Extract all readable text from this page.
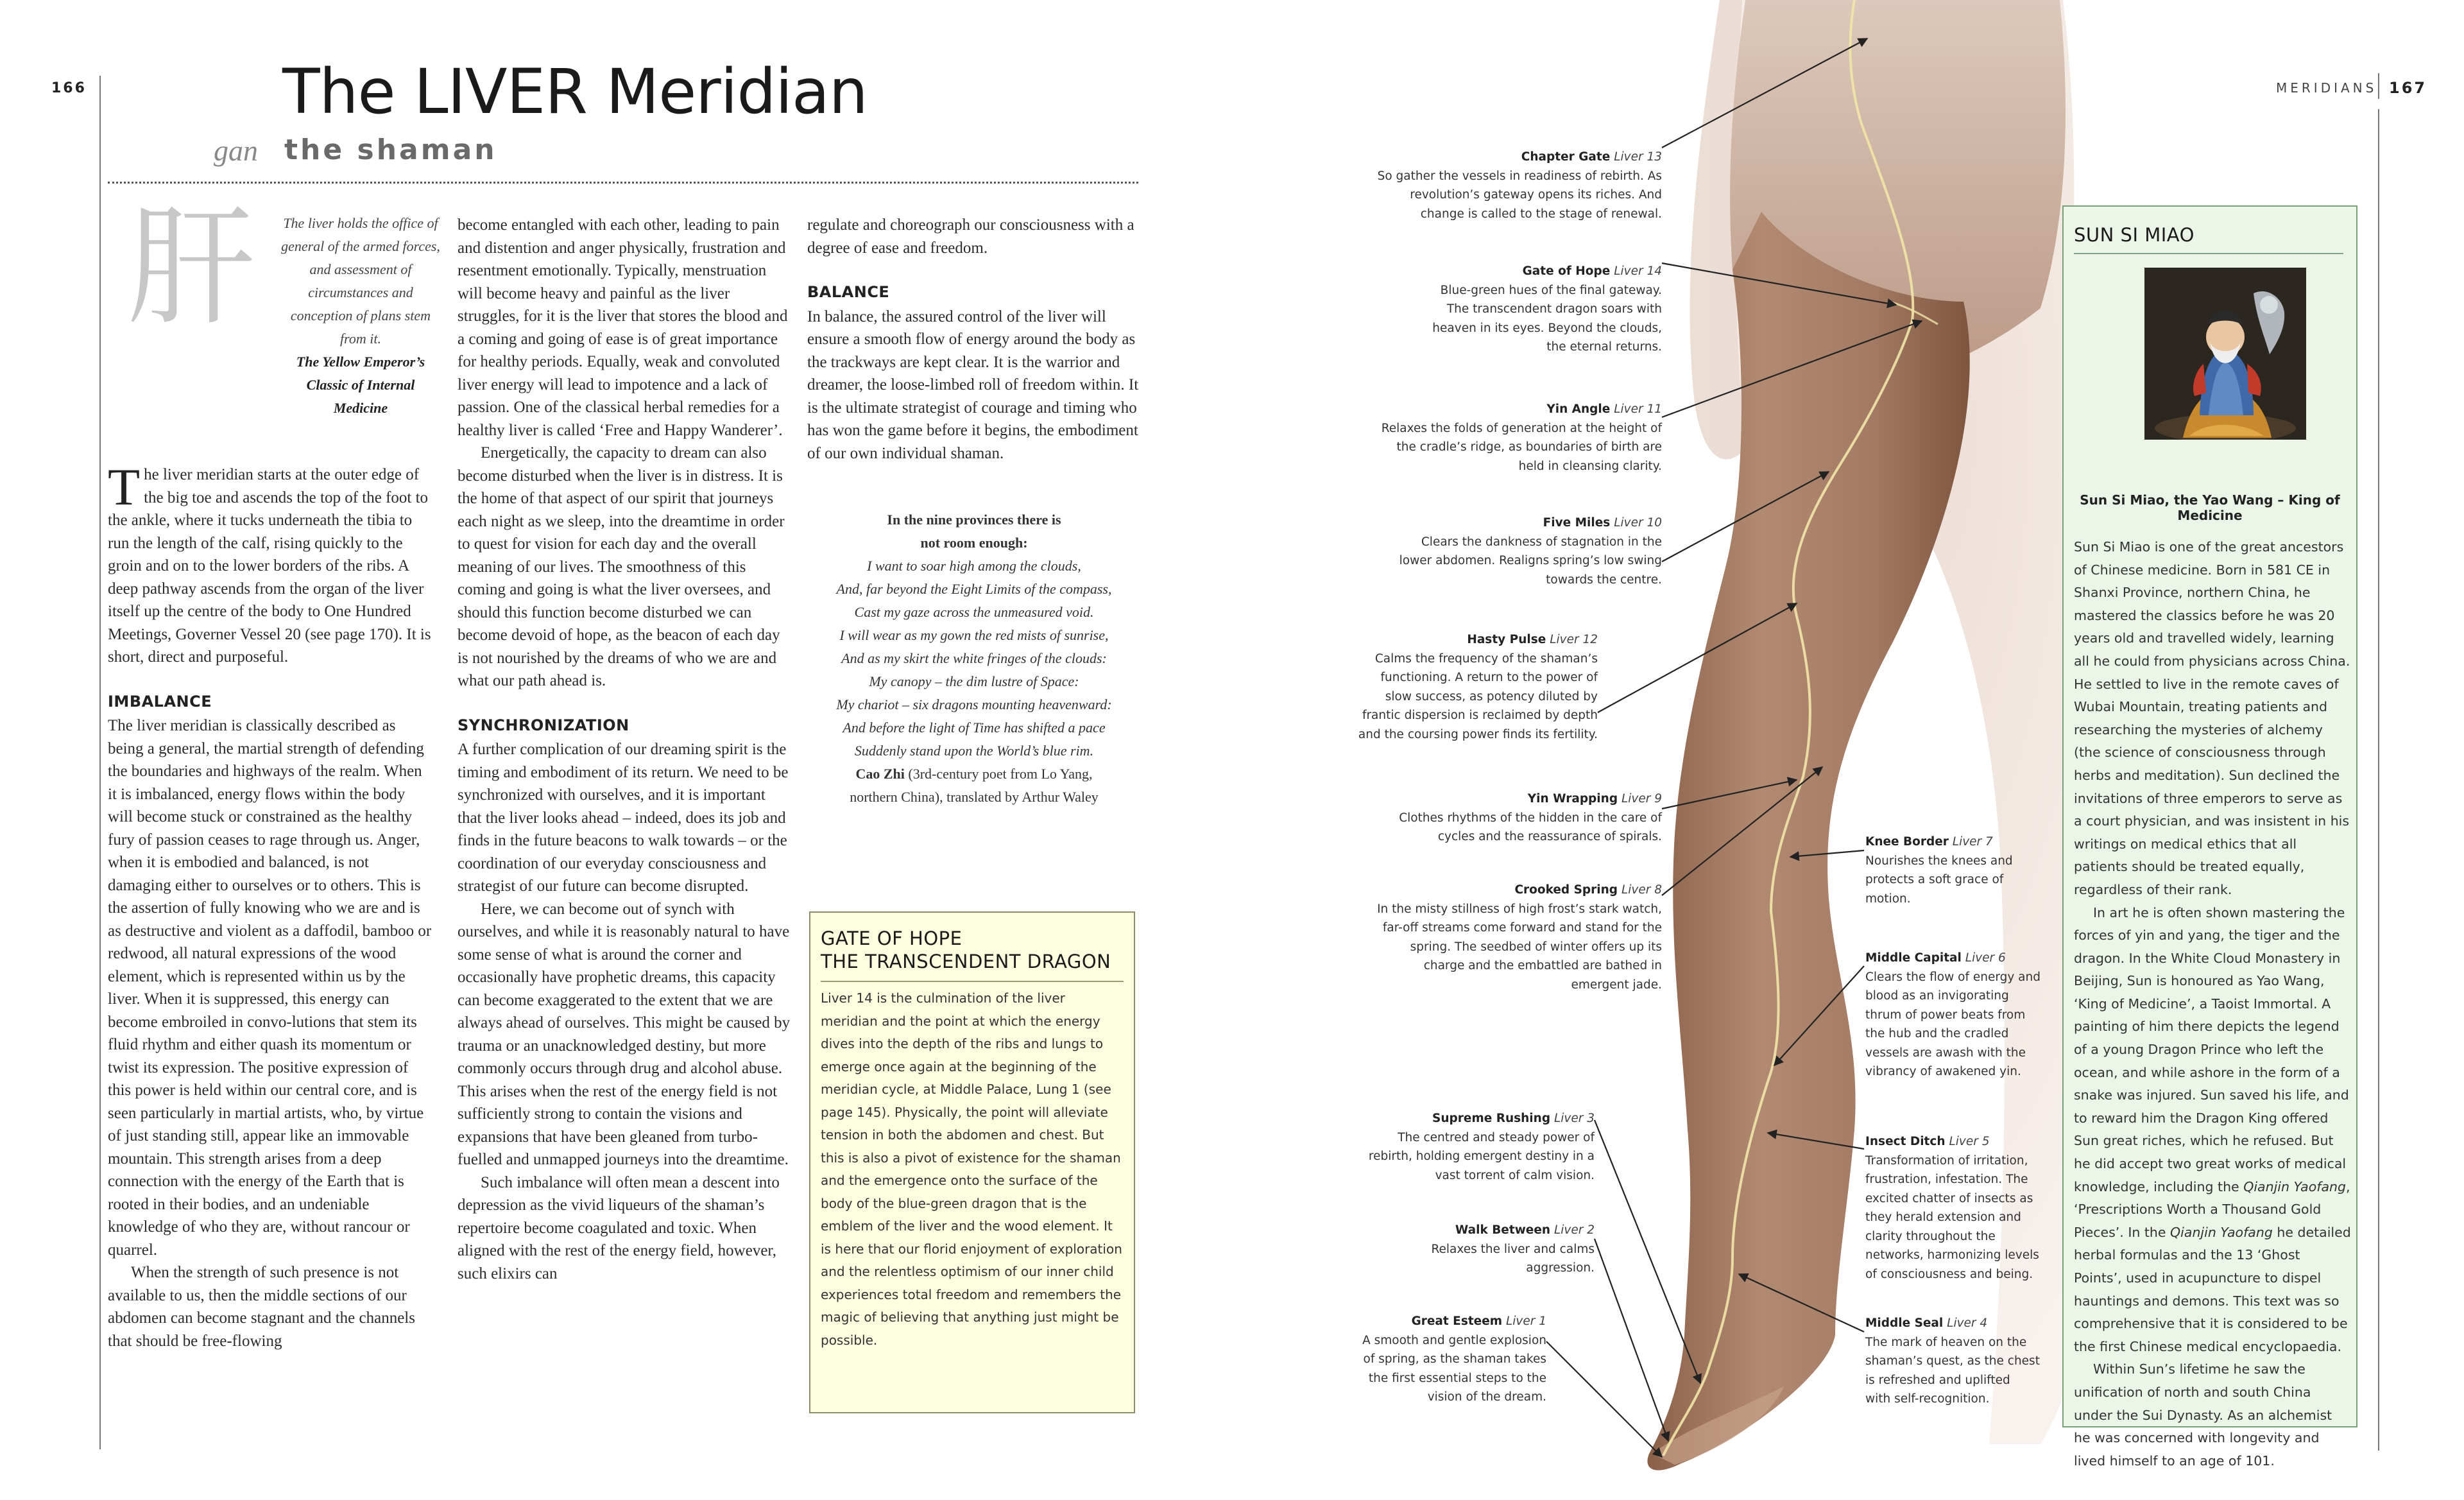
166	The LIVER Meridian
gan the shaman
肝	The liver holds the office of general of the armed forces, and assessment of circumstances and conception of plans stem from it.
The Yellow Emperor’s
Classic of Internal
Medicine

The liver meridian starts at the outer edge of the big toe and ascends the top of the foot to the ankle, where it tucks underneath the tibia to run the length of the calf, rising quickly to the groin and on to the lower borders of the ribs. A deep pathway ascends from the organ of the liver itself up the centre of the body to One Hundred Meetings, Governer Vessel 20 (see page 170). It is short, direct and purposeful.

IMBALANCE

The liver meridian is classically described as being a general, the martial strength of defending the boundaries and highways of the realm. When it is imbalanced, energy flows within the body will become stuck or constrained as the healthy fury of passion ceases to rage through us. Anger, when it is embodied and balanced, is not damaging either to ourselves or to others. This is the assertion of fully knowing who we are and is as destructive and violent as a daffodil, bamboo or redwood, all natural expressions of the wood element, which is represented within us by the liver. When it is suppressed, this energy can become embroiled in convo-lutions that stem its fluid rhythm and either quash its momentum or twist its expression. The positive expression of this power is held within our central core, and is seen particularly in martial artists, who, by virtue of just standing still, appear like an immovable mountain. This strength arises from a deep connection with the energy of the Earth that is rooted in their bodies, and an undeniable knowledge of who they are, without rancour or quarrel.

When the strength of such presence is not available to us, then the middle sections of our abdomen can become stagnant and the channels that should be free-flowing

become entangled with each other, leading to pain and distention and anger physically, frustration and resentment emotionally. Typically, menstruation will become heavy and painful as the liver struggles, for it is the liver that stores the blood and a coming and going of ease is of great importance for healthy periods. Equally, weak and convoluted liver energy will lead to impotence and a lack of passion. One of the classical herbal remedies for a healthy liver is called ‘Free and Happy Wanderer’.

Energetically, the capacity to dream can also become disturbed when the liver is in distress. It is the home of that aspect of our spirit that journeys each night as we sleep, into the dreamtime in order to quest for vision for each day and the overall meaning of our lives. The smoothness of this coming and going is what the liver oversees, and should this function become disturbed we can become devoid of hope, as the beacon of each day is not nourished by the dreams of who we are and what our path ahead is.

SYNCHRONIZATION

A further complication of our dreaming spirit is the timing and embodiment of its return. We need to be synchronized with ourselves, and it is important that the liver looks ahead – indeed, does its job and finds in the future beacons to walk towards – or the coordination of our everyday consciousness and strategist of our future can become disrupted.

Here, we can become out of synch with ourselves, and while it is reasonably natural to have some sense of what is around the corner and occasionally have prophetic dreams, this capacity can become exaggerated to the extent that we are always ahead of ourselves. This might be caused by trauma or an unacknowledged destiny, but more commonly occurs through drug and alcohol abuse. This arises when the rest of the energy field is not sufficiently strong to contain the visions and expansions that have been gleaned from turbo-fuelled and unmapped journeys into the dreamtime.

Such imbalance will often mean a descent into depression as the vivid liqueurs of the shaman’s repertoire become coagulated and toxic. When aligned with the rest of the energy field, however, such elixirs can

regulate and choreograph our consciousness with a degree of ease and freedom.

BALANCE

In balance, the assured control of the liver will ensure a smooth flow of energy around the body as the trackways are kept clear. It is the warrior and dreamer, the loose-limbed roll of freedom within. It is the ultimate strategist of courage and timing who has won the game before it begins, the embodiment of our own individual shaman.

In the nine provinces there is
not room enough:
I want to soar high among the clouds,
And, far beyond the Eight Limits of the compass,
Cast my gaze across the unmeasured void.
I will wear as my gown the red mists of sunrise,
And as my skirt the white fringes of the clouds:
My canopy – the dim lustre of Space:
My chariot – six dragons mounting heavenward:
And before the light of Time has shifted a pace
Suddenly stand upon the World’s blue rim.
Cao Zhi (3rd-century poet from Lo Yang,
northern China), translated by Arthur Waley
GATE OF HOPE
THE TRANSCENDENT DRAGON
Liver 14 is the culmination of the liver meridian and the point at which the energy dives into the depth of the ribs and lungs to emerge once again at the beginning of the meridian cycle, at Middle Palace, Lung 1 (see page 145). Physically, the point will alleviate tension in both the abdomen and chest. But this is also a pivot of existence for the shaman and the emergence onto the surface of the body of the blue-green dragon that is the emblem of the liver and the wood element. It is here that our florid enjoyment of exploration and the relentless optimism of our inner child experiences total freedom and remembers the magic of believing that anything just might be possible.
MERIDIANS 167
Chapter Gate Liver 13
So gather the vessels in readiness of rebirth. As
revolution’s gateway opens its riches. And
change is called to the stage of renewal.
Gate of Hope Liver 14
Blue-green hues of the final gateway.
The transcendent dragon soars with
heaven in its eyes. Beyond the clouds,
the eternal returns.
Yin Angle Liver 11
Relaxes the folds of generation at the height of
the cradle’s ridge, as boundaries of birth are
held in cleansing clarity.
Five Miles Liver 10
Clears the dankness of stagnation in the
lower abdomen. Realigns spring’s low swing
towards the centre.
Hasty Pulse Liver 12
Calms the frequency of the shaman’s
functioning. A return to the power of
slow success, as potency diluted by
frantic dispersion is reclaimed by depth
and the coursing power finds its fertility.
Yin Wrapping Liver 9
Clothes rhythms of the hidden in the care of
cycles and the reassurance of spirals.
Crooked Spring Liver 8
In the misty stillness of high frost’s stark watch,
far-off streams come forward and stand for the
spring. The seedbed of winter offers up its
charge and the embattled are bathed in
emergent jade.
Supreme Rushing Liver 3
The centred and steady power of
rebirth, holding emergent destiny in a
vast torrent of calm vision.
Walk Between Liver 2
Relaxes the liver and calms
aggression.
Great Esteem Liver 1
A smooth and gentle explosion
of spring, as the shaman takes
the first essential steps to the
vision of the dream.
Knee Border Liver 7
Nourishes the knees and
protects a soft grace of
motion.
Middle Capital Liver 6
Clears the flow of energy and
blood as an invigorating
thrum of power beats from
the hub and the cradled
vessels are awash with the
vibrancy of awakened yin.
Insect Ditch Liver 5
Transformation of irritation,
frustration, infestation. The
excited chatter of insects as
they herald extension and
clarity throughout the
networks, harmonizing levels
of consciousness and being.
Middle Seal Liver 4
The mark of heaven on the
shaman’s quest, as the chest
is refreshed and uplifted
with self-recognition.
SUN SI MIAO
Sun Si Miao, the Yao Wang – King of Medicine

Sun Si Miao is one of the great ancestors of Chinese medicine. Born in 581 CE in Shanxi Province, northern China, he mastered the classics before he was 20 years old and travelled widely, learning all he could from physicians across China. He settled to live in the remote caves of Wubai Mountain, treating patients and researching the mysteries of alchemy (the science of consciousness through herbs and meditation). Sun declined the invitations of three emperors to serve as a court physician, and was insistent in his writings on medical ethics that all patients should be treated equally, regardless of their rank.

In art he is often shown mastering the forces of yin and yang, the tiger and the dragon. In the White Cloud Monastery in Beijing, Sun is honoured as Yao Wang, ‘King of Medicine’, a Taoist Immortal. A painting of him there depicts the legend of a young Dragon Prince who left the ocean, and while ashore in the form of a snake was injured. Sun saved his life, and to reward him the Dragon King offered Sun great riches, which he refused. But he did accept two great works of medical knowledge, including the Qianjin Yaofang, ‘Prescriptions Worth a Thousand Gold Pieces’. In the Qianjin Yaofang he detailed herbal formulas and the 13 ‘Ghost Points’, used in acupuncture to dispel hauntings and demons. This text was so comprehensive that it is considered to be the first Chinese medical encyclopaedia.

Within Sun’s lifetime he saw the unification of north and south China under the Sui Dynasty. As an alchemist he was concerned with longevity and lived himself to an age of 101.
